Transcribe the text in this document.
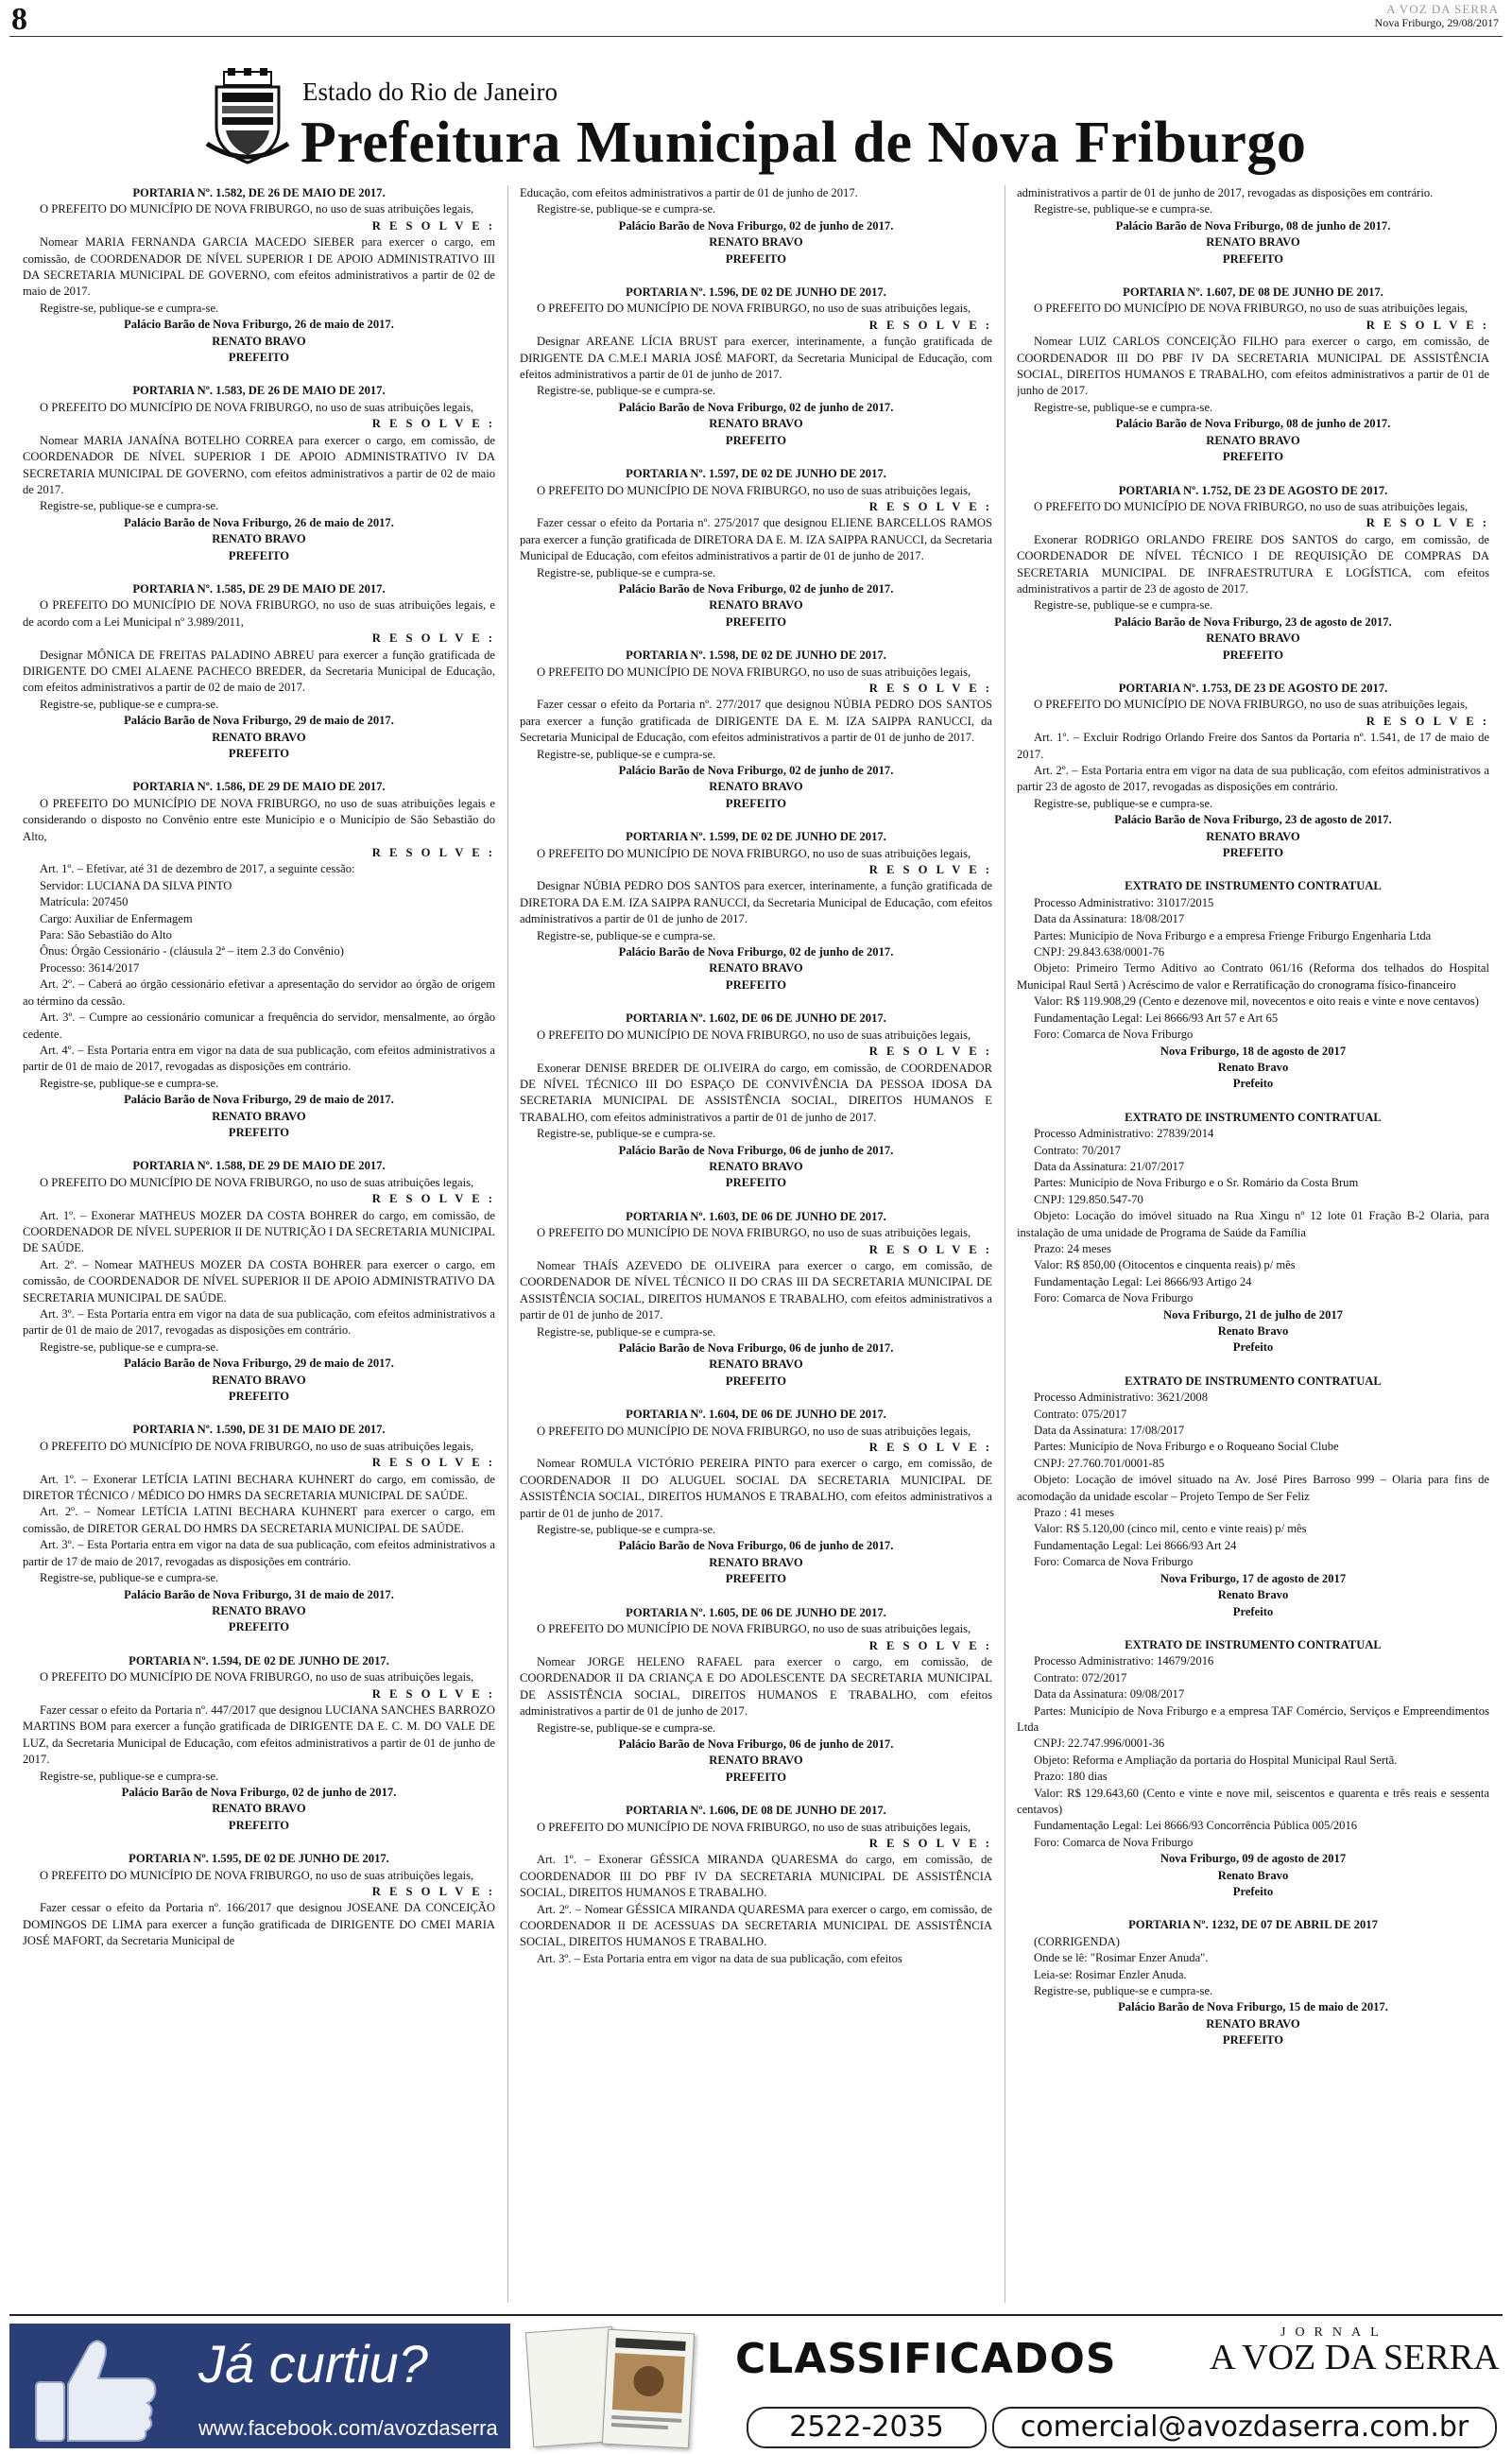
8	A VOZ DA SERRA
Nova Friburgo, 29/08/2017
Estado do Rio de Janeiro
Prefeitura Municipal de Nova Friburgo

PORTARIA Nº. 1.582, DE 26 DE MAIO DE 2017.

O PREFEITO DO MUNICÍPIO DE NOVA FRIBURGO, no uso de suas atribuições legais,

R E S O L V E :

Nomear MARIA FERNANDA GARCIA MACEDO SIEBER para exercer o cargo, em comissão, de COORDENADOR DE NÍVEL SUPERIOR I DE APOIO ADMINISTRATIVO III DA SECRETARIA MUNICIPAL DE GOVERNO, com efeitos administrativos a partir de 02 de maio de 2017.

Registre-se, publique-se e cumpra-se.

Palácio Barão de Nova Friburgo, 26 de maio de 2017.

RENATO BRAVO

PREFEITO

PORTARIA Nº. 1.583, DE 26 DE MAIO DE 2017.

O PREFEITO DO MUNICÍPIO DE NOVA FRIBURGO, no uso de suas atribuições legais,

R E S O L V E :

Nomear MARIA JANAÍNA BOTELHO CORREA para exercer o cargo, em comissão, de COORDENADOR DE NÍVEL SUPERIOR I DE APOIO ADMINISTRATIVO IV DA SECRETARIA MUNICIPAL DE GOVERNO, com efeitos administrativos a partir de 02 de maio de 2017.

Registre-se, publique-se e cumpra-se.

Palácio Barão de Nova Friburgo, 26 de maio de 2017.

RENATO BRAVO

PREFEITO

PORTARIA Nº. 1.585, DE 29 DE MAIO DE 2017.

O PREFEITO DO MUNICÍPIO DE NOVA FRIBURGO, no uso de suas atribuições legais, e de acordo com a Lei Municipal nº 3.989/2011,

R E S O L V E :

Designar MÔNICA DE FREITAS PALADINO ABREU para exercer a função gratificada de DIRIGENTE DO CMEI ALAENE PACHECO BREDER, da Secretaria Municipal de Educação, com efeitos administrativos a partir de 02 de maio de 2017.

Registre-se, publique-se e cumpra-se.

Palácio Barão de Nova Friburgo, 29 de maio de 2017.

RENATO BRAVO

PREFEITO

PORTARIA Nº. 1.586, DE 29 DE MAIO DE 2017.

O PREFEITO DO MUNICÍPIO DE NOVA FRIBURGO, no uso de suas atribuições legais e considerando o disposto no Convênio entre este Município e o Município de São Sebastião do Alto,

R E S O L V E :

Art. 1º. – Efetivar, até 31 de dezembro de 2017, a seguinte cessão:

Servidor: LUCIANA DA SILVA PINTO

Matrícula: 207450

Cargo: Auxiliar de Enfermagem

Para: São Sebastião do Alto

Ônus: Órgão Cessionário - (cláusula 2ª – item 2.3 do Convênio)

Processo: 3614/2017

Art. 2º. – Caberá ao órgão cessionário efetivar a apresentação do servidor ao órgão de origem ao término da cessão.

Art. 3º. – Cumpre ao cessionário comunicar a frequência do servidor, mensalmente, ao órgão cedente.

Art. 4º. – Esta Portaria entra em vigor na data de sua publicação, com efeitos administrativos a partir de 01 de maio de 2017, revogadas as disposições em contrário.

Registre-se, publique-se e cumpra-se.

Palácio Barão de Nova Friburgo, 29 de maio de 2017.

RENATO BRAVO

PREFEITO

PORTARIA Nº. 1.588, DE 29 DE MAIO DE 2017.

O PREFEITO DO MUNICÍPIO DE NOVA FRIBURGO, no uso de suas atribuições legais,

R E S O L V E :

Art. 1º. – Exonerar MATHEUS MOZER DA COSTA BOHRER do cargo, em comissão, de COORDENADOR DE NÍVEL SUPERIOR II DE NUTRIÇÃO I DA SECRETARIA MUNICIPAL DE SAÚDE.

Art. 2º. – Nomear MATHEUS MOZER DA COSTA BOHRER para exercer o cargo, em comissão, de COORDENADOR DE NÍVEL SUPERIOR II DE APOIO ADMINISTRATIVO DA SECRETARIA MUNICIPAL DE SAÚDE.

Art. 3º. – Esta Portaria entra em vigor na data de sua publicação, com efeitos administrativos a partir de 01 de maio de 2017, revogadas as disposições em contrário.

Registre-se, publique-se e cumpra-se.

Palácio Barão de Nova Friburgo, 29 de maio de 2017.

RENATO BRAVO

PREFEITO

PORTARIA Nº. 1.590, DE 31 DE MAIO DE 2017.

O PREFEITO DO MUNICÍPIO DE NOVA FRIBURGO, no uso de suas atribuições legais,

R E S O L V E :

Art. 1º. – Exonerar LETÍCIA LATINI BECHARA KUHNERT do cargo, em comissão, de DIRETOR TÉCNICO / MÉDICO DO HMRS DA SECRETARIA MUNICIPAL DE SAÚDE.

Art. 2º. – Nomear LETÍCIA LATINI BECHARA KUHNERT para exercer o cargo, em comissão, de DIRETOR GERAL DO HMRS DA SECRETARIA MUNICIPAL DE SAÚDE.

Art. 3º. – Esta Portaria entra em vigor na data de sua publicação, com efeitos administrativos a partir de 17 de maio de 2017, revogadas as disposições em contrário.

Registre-se, publique-se e cumpra-se.

Palácio Barão de Nova Friburgo, 31 de maio de 2017.

RENATO BRAVO

PREFEITO

PORTARIA Nº. 1.594, DE 02 DE JUNHO DE 2017.

O PREFEITO DO MUNICÍPIO DE NOVA FRIBURGO, no uso de suas atribuições legais,

R E S O L V E :

Fazer cessar o efeito da Portaria nº. 447/2017 que designou LUCIANA SANCHES BARROZO MARTINS BOM para exercer a função gratificada de DIRIGENTE DA E. C. M. DO VALE DE LUZ, da Secretaria Municipal de Educação, com efeitos administrativos a partir de 01 de junho de 2017.

Registre-se, publique-se e cumpra-se.

Palácio Barão de Nova Friburgo, 02 de junho de 2017.

RENATO BRAVO

PREFEITO

PORTARIA Nº. 1.595, DE 02 DE JUNHO DE 2017.

O PREFEITO DO MUNICÍPIO DE NOVA FRIBURGO, no uso de suas atribuições legais,

R E S O L V E :

Fazer cessar o efeito da Portaria nº. 166/2017 que designou JOSEANE DA CONCEIÇÃO DOMINGOS DE LIMA para exercer a função gratificada de DIRIGENTE DO CMEI MARIA JOSÉ MAFORT, da Secretaria Municipal de

Educação, com efeitos administrativos a partir de 01 de junho de 2017.

Registre-se, publique-se e cumpra-se.

Palácio Barão de Nova Friburgo, 02 de junho de 2017.

RENATO BRAVO

PREFEITO

PORTARIA Nº. 1.596, DE 02 DE JUNHO DE 2017.

O PREFEITO DO MUNICÍPIO DE NOVA FRIBURGO, no uso de suas atribuições legais,

R E S O L V E :

Designar AREANE LÍCIA BRUST para exercer, interinamente, a função gratificada de DIRIGENTE DA C.M.E.I MARIA JOSÉ MAFORT, da Secretaria Municipal de Educação, com efeitos administrativos a partir de 01 de junho de 2017.

Registre-se, publique-se e cumpra-se.

Palácio Barão de Nova Friburgo, 02 de junho de 2017.

RENATO BRAVO

PREFEITO

PORTARIA Nº. 1.597, DE 02 DE JUNHO DE 2017.

O PREFEITO DO MUNICÍPIO DE NOVA FRIBURGO, no uso de suas atribuições legais,

R E S O L V E :

Fazer cessar o efeito da Portaria nº. 275/2017 que designou ELIENE BARCELLOS RAMOS para exercer a função gratificada de DIRETORA DA E. M. IZA SAIPPA RANUCCI, da Secretaria Municipal de Educação, com efeitos administrativos a partir de 01 de junho de 2017.

Registre-se, publique-se e cumpra-se.

Palácio Barão de Nova Friburgo, 02 de junho de 2017.

RENATO BRAVO

PREFEITO

PORTARIA Nº. 1.598, DE 02 DE JUNHO DE 2017.

O PREFEITO DO MUNICÍPIO DE NOVA FRIBURGO, no uso de suas atribuições legais,

R E S O L V E :

Fazer cessar o efeito da Portaria nº. 277/2017 que designou NÚBIA PEDRO DOS SANTOS para exercer a função gratificada de DIRIGENTE DA E. M. IZA SAIPPA RANUCCI, da Secretaria Municipal de Educação, com efeitos administrativos a partir de 01 de junho de 2017.

Registre-se, publique-se e cumpra-se.

Palácio Barão de Nova Friburgo, 02 de junho de 2017.

RENATO BRAVO

PREFEITO

PORTARIA Nº. 1.599, DE 02 DE JUNHO DE 2017.

O PREFEITO DO MUNICÍPIO DE NOVA FRIBURGO, no uso de suas atribuições legais,

R E S O L V E :

Designar NÚBIA PEDRO DOS SANTOS para exercer, interinamente, a função gratificada de DIRETORA DA E.M. IZA SAIPPA RANUCCI, da Secretaria Municipal de Educação, com efeitos administrativos a partir de 01 de junho de 2017.

Registre-se, publique-se e cumpra-se.

Palácio Barão de Nova Friburgo, 02 de junho de 2017.

RENATO BRAVO

PREFEITO

PORTARIA Nº. 1.602, DE 06 DE JUNHO DE 2017.

O PREFEITO DO MUNICÍPIO DE NOVA FRIBURGO, no uso de suas atribuições legais,

R E S O L V E :

Exonerar DENISE BREDER DE OLIVEIRA do cargo, em comissão, de COORDENADOR DE NÍVEL TÉCNICO III DO ESPAÇO DE CONVIVÊNCIA DA PESSOA IDOSA DA SECRETARIA MUNICIPAL DE ASSISTÊNCIA SOCIAL, DIREITOS HUMANOS E TRABALHO, com efeitos administrativos a partir de 01 de junho de 2017.

Registre-se, publique-se e cumpra-se.

Palácio Barão de Nova Friburgo, 06 de junho de 2017.

RENATO BRAVO

PREFEITO

PORTARIA Nº. 1.603, DE 06 DE JUNHO DE 2017.

O PREFEITO DO MUNICÍPIO DE NOVA FRIBURGO, no uso de suas atribuições legais,

R E S O L V E :

Nomear THAÍS AZEVEDO DE OLIVEIRA para exercer o cargo, em comissão, de COORDENADOR DE NÍVEL TÉCNICO II DO CRAS III DA SECRETARIA MUNICIPAL DE ASSISTÊNCIA SOCIAL, DIREITOS HUMANOS E TRABALHO, com efeitos administrativos a partir de 01 de junho de 2017.

Registre-se, publique-se e cumpra-se.

Palácio Barão de Nova Friburgo, 06 de junho de 2017.

RENATO BRAVO

PREFEITO

PORTARIA Nº. 1.604, DE 06 DE JUNHO DE 2017.

O PREFEITO DO MUNICÍPIO DE NOVA FRIBURGO, no uso de suas atribuições legais,

R E S O L V E :

Nomear ROMULA VICTÓRIO PEREIRA PINTO para exercer o cargo, em comissão, de COORDENADOR II DO ALUGUEL SOCIAL DA SECRETARIA MUNICIPAL DE ASSISTÊNCIA SOCIAL, DIREITOS HUMANOS E TRABALHO, com efeitos administrativos a partir de 01 de junho de 2017.

Registre-se, publique-se e cumpra-se.

Palácio Barão de Nova Friburgo, 06 de junho de 2017.

RENATO BRAVO

PREFEITO

PORTARIA Nº. 1.605, DE 06 DE JUNHO DE 2017.

O PREFEITO DO MUNICÍPIO DE NOVA FRIBURGO, no uso de suas atribuições legais,

R E S O L V E :

Nomear JORGE HELENO RAFAEL para exercer o cargo, em comissão, de COORDENADOR II DA CRIANÇA E DO ADOLESCENTE DA SECRETARIA MUNICIPAL DE ASSISTÊNCIA SOCIAL, DIREITOS HUMANOS E TRABALHO, com efeitos administrativos a partir de 01 de junho de 2017.

Registre-se, publique-se e cumpra-se.

Palácio Barão de Nova Friburgo, 06 de junho de 2017.

RENATO BRAVO

PREFEITO

PORTARIA Nº. 1.606, DE 08 DE JUNHO DE 2017.

O PREFEITO DO MUNICÍPIO DE NOVA FRIBURGO, no uso de suas atribuições legais,

R E S O L V E :

Art. 1º. – Exonerar GÉSSICA MIRANDA QUARESMA do cargo, em comissão, de COORDENADOR III DO PBF IV DA SECRETARIA MUNICIPAL DE ASSISTÊNCIA SOCIAL, DIREITOS HUMANOS E TRABALHO.

Art. 2º. – Nomear GÉSSICA MIRANDA QUARESMA para exercer o cargo, em comissão, de COORDENADOR II DE ACESSUAS DA SECRETARIA MUNICIPAL DE ASSISTÊNCIA SOCIAL, DIREITOS HUMANOS E TRABALHO.

Art. 3º. – Esta Portaria entra em vigor na data de sua publicação, com efeitos

administrativos a partir de 01 de junho de 2017, revogadas as disposições em contrário.

Registre-se, publique-se e cumpra-se.

Palácio Barão de Nova Friburgo, 08 de junho de 2017.

RENATO BRAVO

PREFEITO

PORTARIA Nº. 1.607, DE 08 DE JUNHO DE 2017.

O PREFEITO DO MUNICÍPIO DE NOVA FRIBURGO, no uso de suas atribuições legais,

R E S O L V E :

Nomear LUIZ CARLOS CONCEIÇÃO FILHO para exercer o cargo, em comissão, de COORDENADOR III DO PBF IV DA SECRETARIA MUNICIPAL DE ASSISTÊNCIA SOCIAL, DIREITOS HUMANOS E TRABALHO, com efeitos administrativos a partir de 01 de junho de 2017.

Registre-se, publique-se e cumpra-se.

Palácio Barão de Nova Friburgo, 08 de junho de 2017.

RENATO BRAVO

PREFEITO

PORTARIA Nº. 1.752, DE 23 DE AGOSTO DE 2017.

O PREFEITO DO MUNICÍPIO DE NOVA FRIBURGO, no uso de suas atribuições legais,

R E S O L V E :

Exonerar RODRIGO ORLANDO FREIRE DOS SANTOS do cargo, em comissão, de COORDENADOR DE NÍVEL TÉCNICO I DE REQUISIÇÃO DE COMPRAS DA SECRETARIA MUNICIPAL DE INFRAESTRUTURA E LOGÍSTICA, com efeitos administrativos a partir de 23 de agosto de 2017.

Registre-se, publique-se e cumpra-se.

Palácio Barão de Nova Friburgo, 23 de agosto de 2017.

RENATO BRAVO

PREFEITO

PORTARIA Nº. 1.753, DE 23 DE AGOSTO DE 2017.

O PREFEITO DO MUNICÍPIO DE NOVA FRIBURGO, no uso de suas atribuições legais,

R E S O L V E :

Art. 1º. – Excluir Rodrigo Orlando Freire dos Santos da Portaria nº. 1.541, de 17 de maio de 2017.

Art. 2º. – Esta Portaria entra em vigor na data de sua publicação, com efeitos administrativos a partir 23 de agosto de 2017, revogadas as disposições em contrário.

Registre-se, publique-se e cumpra-se.

Palácio Barão de Nova Friburgo, 23 de agosto de 2017.

RENATO BRAVO

PREFEITO

EXTRATO DE INSTRUMENTO CONTRATUAL

Processo Administrativo: 31017/2015

Data da Assinatura: 18/08/2017

Partes: Município de Nova Friburgo e a empresa Frienge Friburgo Engenharia Ltda

CNPJ: 29.843.638/0001-76

Objeto: Primeiro Termo Aditivo ao Contrato 061/16 (Reforma dos telhados do Hospital Municipal Raul Sertã ) Acréscimo de valor e Rerratificação do cronograma físico-financeiro

Valor: R$ 119.908,29 (Cento e dezenove mil, novecentos e oito reais e vinte e nove centavos)

Fundamentação Legal: Lei 8666/93 Art 57 e Art 65

Foro: Comarca de Nova Friburgo

Nova Friburgo, 18 de agosto de 2017

Renato Bravo

Prefeito

EXTRATO DE INSTRUMENTO CONTRATUAL

Processo Administrativo: 27839/2014

Contrato: 70/2017

Data da Assinatura: 21/07/2017

Partes: Município de Nova Friburgo e o Sr. Romário da Costa Brum

CNPJ: 129.850.547-70

Objeto: Locação do imóvel situado na Rua Xingu nº 12 lote 01 Fração B-2 Olaria, para instalação de uma unidade de Programa de Saúde da Família

Prazo: 24 meses

Valor: R$ 850,00 (Oitocentos e cinquenta reais) p/ mês

Fundamentação Legal: Lei 8666/93 Artigo 24

Foro: Comarca de Nova Friburgo

Nova Friburgo, 21 de julho de 2017

Renato Bravo

Prefeito

EXTRATO DE INSTRUMENTO CONTRATUAL

Processo Administrativo: 3621/2008

Contrato: 075/2017

Data da Assinatura: 17/08/2017

Partes: Município de Nova Friburgo e o Roqueano Social Clube

CNPJ: 27.760.701/0001-85

Objeto: Locação de imóvel situado na Av. José Pires Barroso 999 – Olaria para fins de acomodação da unidade escolar – Projeto Tempo de Ser Feliz

Prazo : 41 meses

Valor: R$ 5.120,00 (cinco mil, cento e vinte reais) p/ mês

Fundamentação Legal: Lei 8666/93 Art 24

Foro: Comarca de Nova Friburgo

Nova Friburgo, 17 de agosto de 2017

Renato Bravo

Prefeito

EXTRATO DE INSTRUMENTO CONTRATUAL

Processo Administrativo: 14679/2016

Contrato: 072/2017

Data da Assinatura: 09/08/2017

Partes: Município de Nova Friburgo e a empresa TAF Comércio, Serviços e Empreendimentos Ltda

CNPJ: 22.747.996/0001-36

Objeto: Reforma e Ampliação da portaria do Hospital Municipal Raul Sertã.

Prazo: 180 dias

Valor: R$ 129.643,60 (Cento e vinte e nove mil, seiscentos e quarenta e três reais e sessenta centavos)

Fundamentação Legal: Lei 8666/93 Concorrência Pública 005/2016

Foro: Comarca de Nova Friburgo

Nova Friburgo, 09 de agosto de 2017

Renato Bravo

Prefeito

PORTARIA Nº. 1232, DE 07 DE ABRIL DE 2017

(CORRIGENDA)

Onde se lê: "Rosimar Enzer Anuda".

Leia-se: Rosimar Enzler Anuda.

Registre-se, publique-se e cumpra-se.

Palácio Barão de Nova Friburgo, 15 de maio de 2017.

RENATO BRAVO

PREFEITO

Já curtiu?
www.facebook.com/avozdaserra
CLASSIFICADOS
JORNAL
A VOZ DA SERRA
2522-2035	comercial@avozdaserra.com.br
